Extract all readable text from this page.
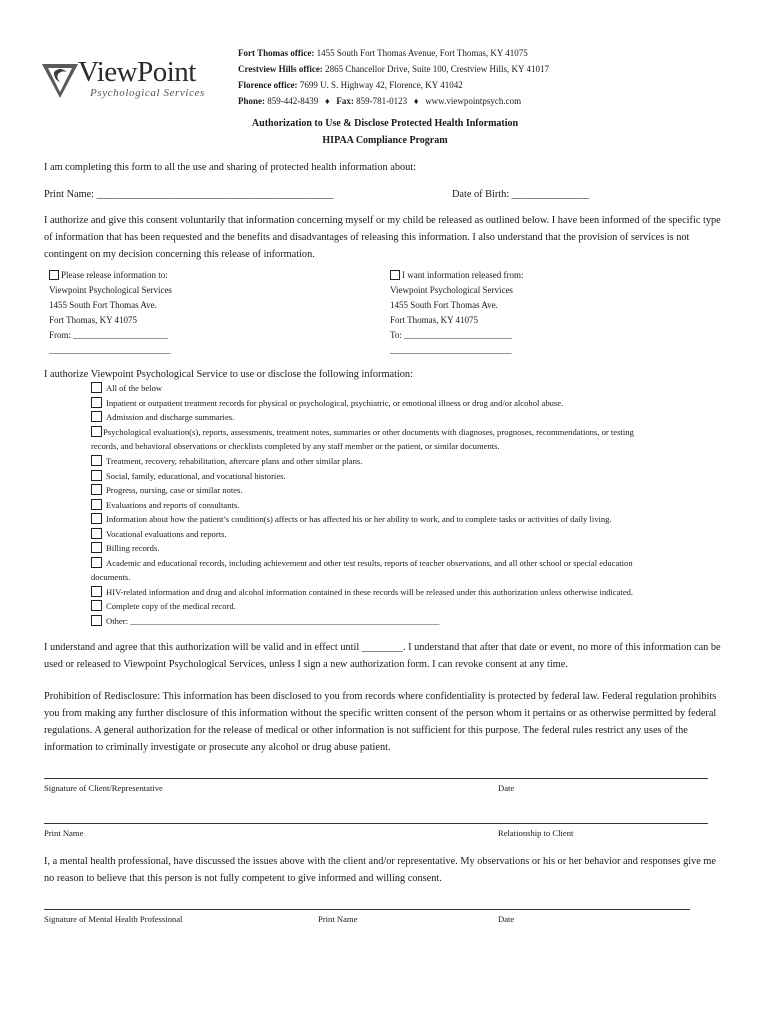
ViewPoint
Psychological Services
Fort Thomas office: 1455 South Fort Thomas Avenue, Fort Thomas, KY 41075
Crestview Hills office: 2865 Chancellor Drive, Suite 100, Crestview Hills, KY 41017
Florence office: 7699 U. S. Highway 42, Florence, KY 41042
Phone: 859-442-8439 ♦ Fax: 859-781-0123 ♦ www.viewpointpsych.com
Authorization to Use & Disclose Protected Health Information
HIPAA Compliance Program
I am completing this form to all the use and sharing of protected health information about:
Print Name: ______________________________________________	Date of Birth: _______________
I authorize and give this consent voluntarily that information concerning myself or my child be released as outlined below. I have been informed of the specific type of information that has been requested and the benefits and disadvantages of releasing this information. I also understand that the provision of services is not contingent on my decision concerning this release of information.
Please release information to:
Viewpoint Psychological Services
1455 South Fort Thomas Ave.
Fort Thomas, KY 41075
From: _____________________
___________________________
I want information released from:
Viewpoint Psychological Services
1455 South Fort Thomas Ave.
Fort Thomas, KY 41075
To: ________________________
___________________________
I authorize Viewpoint Psychological Service to use or disclose the following information:
All of the below
Inpatient or outpatient treatment records for physical or psychological, psychiatric, or emotional illness or drug and/or alcohol abuse.
Admission and discharge summaries.
Psychological evaluation(s), reports, assessments, treatment notes, summaries or other documents with diagnoses, prognoses, recommendations, or testing
records, and behavioral observations or checklists completed by any staff member or the patient, or similar documents.
Treatment, recovery, rehabilitation, aftercare plans and other similar plans.
Social, family, educational, and vocational histories.
Progress, nursing, case or similar notes.
Evaluations and reports of consultants.
Information about how the patient’s condition(s) affects or has affected his or her ability to work, and to complete tasks or activities of daily living.
Vocational evaluations and reports.
Billing records.
Academic and educational records, including achievement and other test results, reports of teacher observations, and all other school or special education
documents.
HIV-related information and drug and alcohol information contained in these records will be released under this authorization unless otherwise indicated.
Complete copy of the medical record.
Other: ________________________________________________________________________
I understand and agree that this authorization will be valid and in effect until ________. I understand that after that date or event, no more of this information can be used or released to Viewpoint Psychological Services, unless I sign a new authorization form. I can revoke consent at any time.
Prohibition of Redisclosure: This information has been disclosed to you from records where confidentiality is protected by federal law. Federal regulation prohibits you from making any further disclosure of this information without the specific written consent of the person whom it pertains or as otherwise permitted by federal regulations. A general authorization for the release of medical or other information is not sufficient for this purpose. The federal rules restrict any uses of the information to criminally investigate or prosecute any alcohol or drug abuse patient.
Signature of Client/Representative	Date
Print Name	Relationship to Client
I, a mental health professional, have discussed the issues above with the client and/or representative. My observations or his or her behavior and responses give me no reason to believe that this person is not fully competent to give informed and willing consent.
Signature of Mental Health Professional	Print Name	Date
